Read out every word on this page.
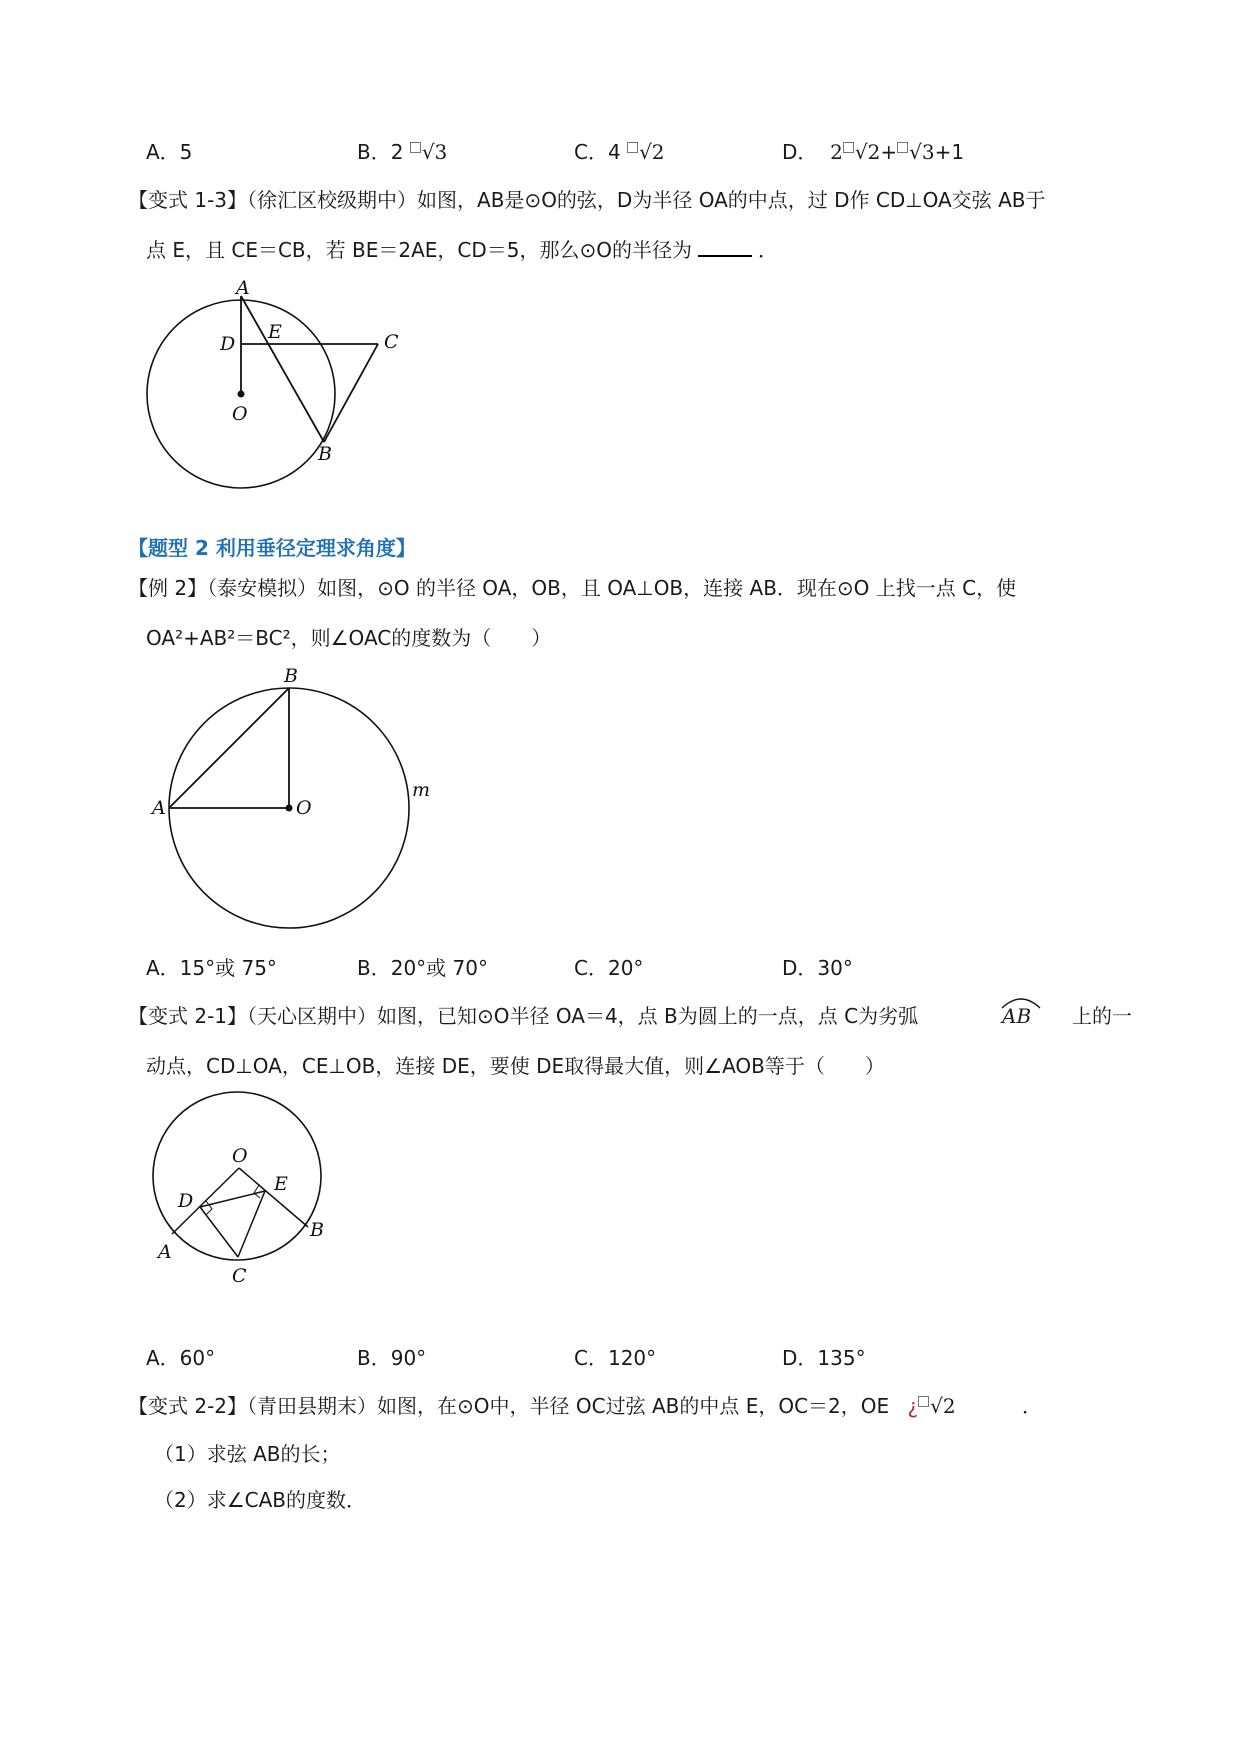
A．5	B．2 √3	C．4 √2	D． 2 √2+ √3+1
【变式 1-3】（徐汇区校级期中）如图，AB是⊙O的弦，D为半径 OA的中点，过 D作 CD⊥OA交弦 AB于
点 E，且 CE＝CB，若 BE＝2AE，CD＝5，那么⊙O的半径为	．
A
D
E	C
O
B
【题型 2 利用垂径定理求角度】
【例 2】（泰安模拟）如图，⊙O 的半径 OA，OB，且 OA⊥OB，连接 AB．现在⊙O 上找一点 C，使
OA²+AB²＝BC²，则∠OAC的度数为（　　）
B
A	O
m
A．15°或 75°	B．20°或 70°	C．20°	D．30°
【变式 2-1】（天心区期中）如图，已知⊙O半径 OA＝4，点 B为圆上的一点，点 C为劣弧	AB 上的一
动点，CD⊥OA，CE⊥OB，连接 DE，要使 DE取得最大值，则∠AOB等于（　　）
O
D
E
A
B
C
A．60°	B．90°	C．120°	D．135°
【变式 2-2】（青田县期末）如图，在⊙O中，半径 OC过弦 AB的中点 E，OC＝2，OE ¿ √2	．
（1）求弦 AB的长；
（2）求∠CAB的度数．
